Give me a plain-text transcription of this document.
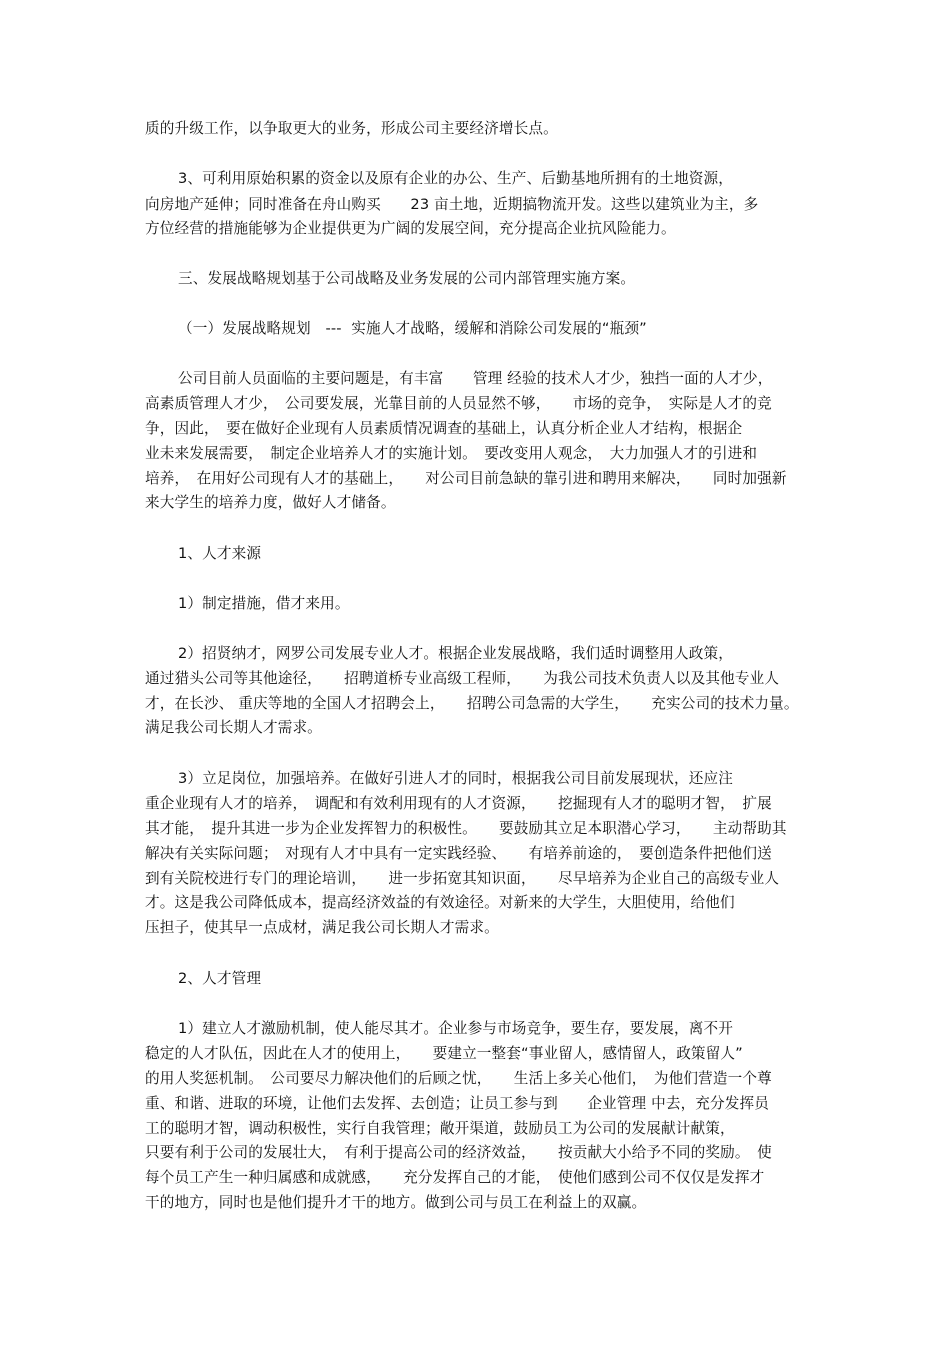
质的升级工作，以争取更大的业务，形成公司主要经济增长点。
3、可利用原始积累的资金以及原有企业的办公、生产、后勤基地所拥有的土地资源，
向房地产延伸；同时准备在舟山购买　　23 亩土地，近期搞物流开发。这些以建筑业为主，多
方位经营的措施能够为企业提供更为广阔的发展空间，充分提高企业抗风险能力。
三、发展战略规划基于公司战略及业务发展的公司内部管理实施方案。
（一）发展战略规划　---  实施人才战略，缓解和消除公司发展的“瓶颈”
公司目前人员面临的主要问题是，有丰富　　管理 经验的技术人才少，独挡一面的人才少，
高素质管理人才少，　公司要发展，光靠目前的人员显然不够，　　市场的竞争，　实际是人才的竞
争，因此，　要在做好企业现有人员素质情况调查的基础上，认真分析企业人才结构，根据企
业未来发展需要，　制定企业培养人才的实施计划。　要改变用人观念，　大力加强人才的引进和
培养，　在用好公司现有人才的基础上，　　对公司目前急缺的靠引进和聘用来解决，　　同时加强新
来大学生的培养力度，做好人才储备。
1、人才来源
1）制定措施，借才来用。
2）招贤纳才，网罗公司发展专业人才。根据企业发展战略，我们适时调整用人政策，
通过猎头公司等其他途径，　　招聘道桥专业高级工程师，　　为我公司技术负责人以及其他专业人
才，在长沙、 重庆等地的全国人才招聘会上，　　招聘公司急需的大学生，　　充实公司的技术力量。
满足我公司长期人才需求。
3）立足岗位，加强培养。在做好引进人才的同时，根据我公司目前发展现状，还应注
重企业现有人才的培养，　调配和有效利用现有的人才资源，　　挖掘现有人才的聪明才智，　扩展
其才能，　提升其进一步为企业发挥智力的积极性。　　要鼓励其立足本职潜心学习，　　主动帮助其
解决有关实际问题；　对现有人才中具有一定实践经验、　　有培养前途的，　要创造条件把他们送
到有关院校进行专门的理论培训，　　进一步拓宽其知识面，　　尽早培养为企业自己的高级专业人
才。这是我公司降低成本，提高经济效益的有效途径。对新来的大学生，大胆使用，给他们
压担子，使其早一点成材，满足我公司长期人才需求。
2、人才管理
1）建立人才激励机制，使人能尽其才。企业参与市场竞争，要生存，要发展，离不开
稳定的人才队伍，因此在人才的使用上，　　要建立一整套“事业留人，感情留人，政策留人”
的用人奖惩机制。　公司要尽力解决他们的后顾之忧，　　生活上多关心他们，　为他们营造一个尊
重、和谐、进取的环境，让他们去发挥、去创造；让员工参与到　　企业管理 中去，充分发挥员
工的聪明才智，调动积极性，实行自我管理；敞开渠道，鼓励员工为公司的发展献计献策，
只要有利于公司的发展壮大，　有利于提高公司的经济效益，　　按贡献大小给予不同的奖励。　使
每个员工产生一种归属感和成就感，　　充分发挥自己的才能，　使他们感到公司不仅仅是发挥才
干的地方，同时也是他们提升才干的地方。做到公司与员工在利益上的双赢。
